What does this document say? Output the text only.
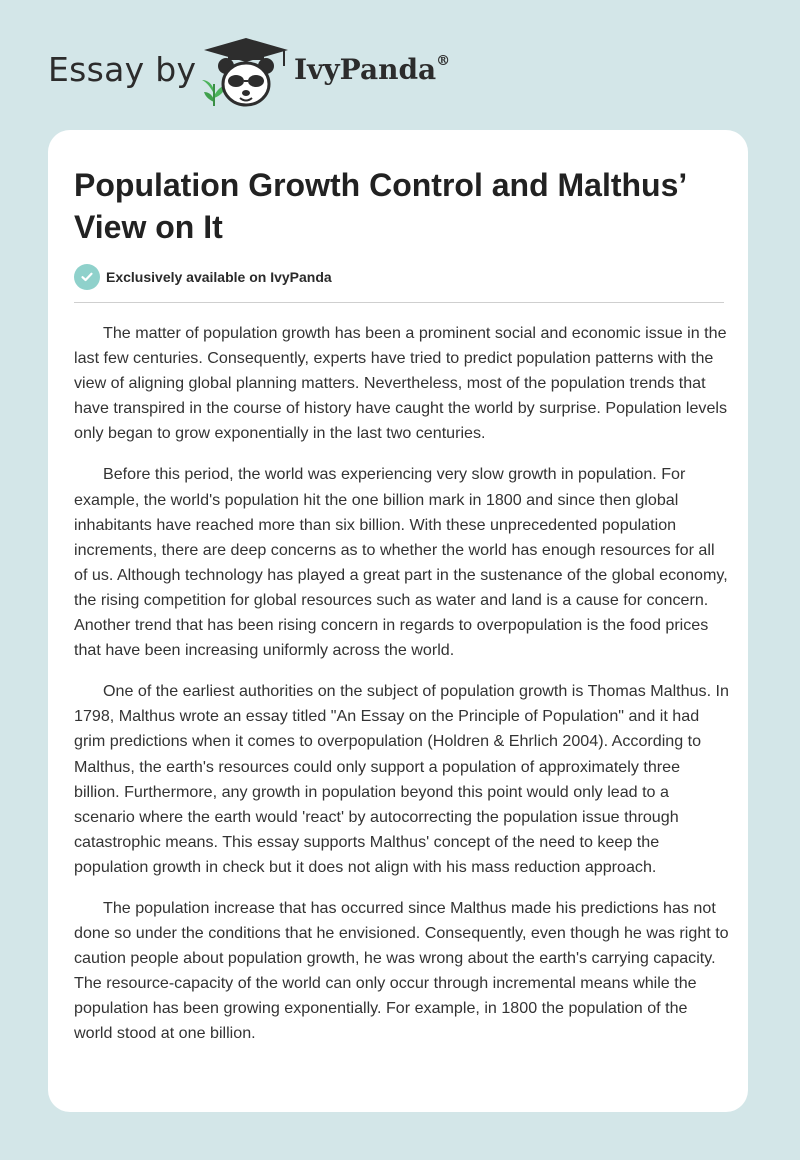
Essay by	IvyPanda®
Population Growth Control and Malthus’ View on It
Exclusively available on IvyPanda

The matter of population growth has been a prominent social and economic issue in the last few centuries. Consequently, experts have tried to predict population patterns with the view of aligning global planning matters. Nevertheless, most of the population trends that have transpired in the course of history have caught the world by surprise. Population levels only began to grow exponentially in the last two centuries.

Before this period, the world was experiencing very slow growth in population. For example, the world's population hit the one billion mark in 1800 and since then global inhabitants have reached more than six billion. With these unprecedented population increments, there are deep concerns as to whether the world has enough resources for all of us. Although technology has played a great part in the sustenance of the global economy, the rising competition for global resources such as water and land is a cause for concern. Another trend that has been rising concern in regards to overpopulation is the food prices that have been increasing uniformly across the world.

One of the earliest authorities on the subject of population growth is Thomas Malthus. In 1798, Malthus wrote an essay titled "An Essay on the Principle of Population" and it had grim predictions when it comes to overpopulation (Holdren & Ehrlich 2004). According to Malthus, the earth's resources could only support a population of approximately three billion. Furthermore, any growth in population beyond this point would only lead to a scenario where the earth would 'react' by autocorrecting the population issue through catastrophic means. This essay supports Malthus' concept of the need to keep the population growth in check but it does not align with his mass reduction approach.

The population increase that has occurred since Malthus made his predictions has not done so under the conditions that he envisioned. Consequently, even though he was right to caution people about population growth, he was wrong about the earth's carrying capacity. The resource-capacity of the world can only occur through incremental means while the population has been growing exponentially. For example, in 1800 the population of the world stood at one billion.
